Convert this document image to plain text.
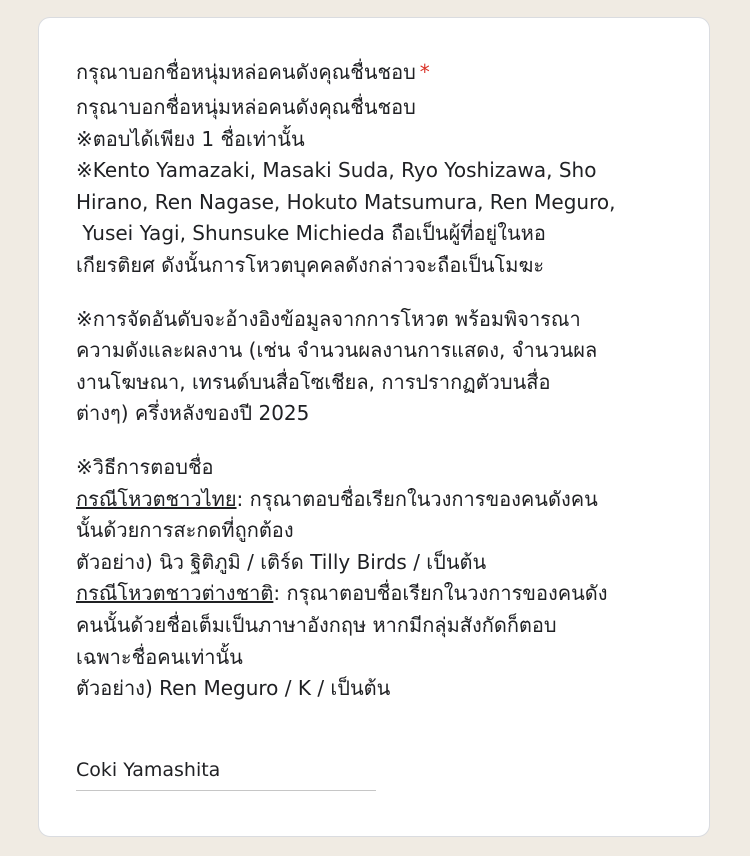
กรุณาบอกชื่อหนุ่มหล่อคนดังคุณชื่นชอบ *

กรุณาบอกชื่อหนุ่มหล่อคนดังคุณชื่นชอบ

※ตอบได้เพียง 1 ชื่อเท่านั้น

※Kento Yamazaki, Masaki Suda, Ryo Yoshizawa, Sho

Hirano, Ren Nagase, Hokuto Matsumura, Ren Meguro,

Yusei Yagi, Shunsuke Michieda ถือเป็นผู้ที่อยู่ในหอ

เกียรติยศ ดังนั้นการโหวตบุคคลดังกล่าวจะถือเป็นโมฆะ

※การจัดอันดับจะอ้างอิงข้อมูลจากการโหวต พร้อมพิจารณา

ความดังและผลงาน (เช่น จำนวนผลงานการแสดง, จำนวนผล

งานโฆษณา, เทรนด์บนสื่อโซเชียล, การปรากฏตัวบนสื่อ

ต่างๆ) ครึ่งหลังของปี 2025

※วิธีการตอบชื่อ

กรณีโหวตชาวไทย: กรุณาตอบชื่อเรียกในวงการของคนดังคน

นั้นด้วยการสะกดที่ถูกต้อง

ตัวอย่าง) นิว ฐิติภูมิ / เติร์ด Tilly Birds / เป็นต้น

กรณีโหวตชาวต่างชาติ: กรุณาตอบชื่อเรียกในวงการของคนดัง

คนนั้นด้วยชื่อเต็มเป็นภาษาอังกฤษ หากมีกลุ่มสังกัดก็ตอบ

เฉพาะชื่อคนเท่านั้น

ตัวอย่าง) Ren Meguro / K / เป็นต้น

Coki Yamashita
